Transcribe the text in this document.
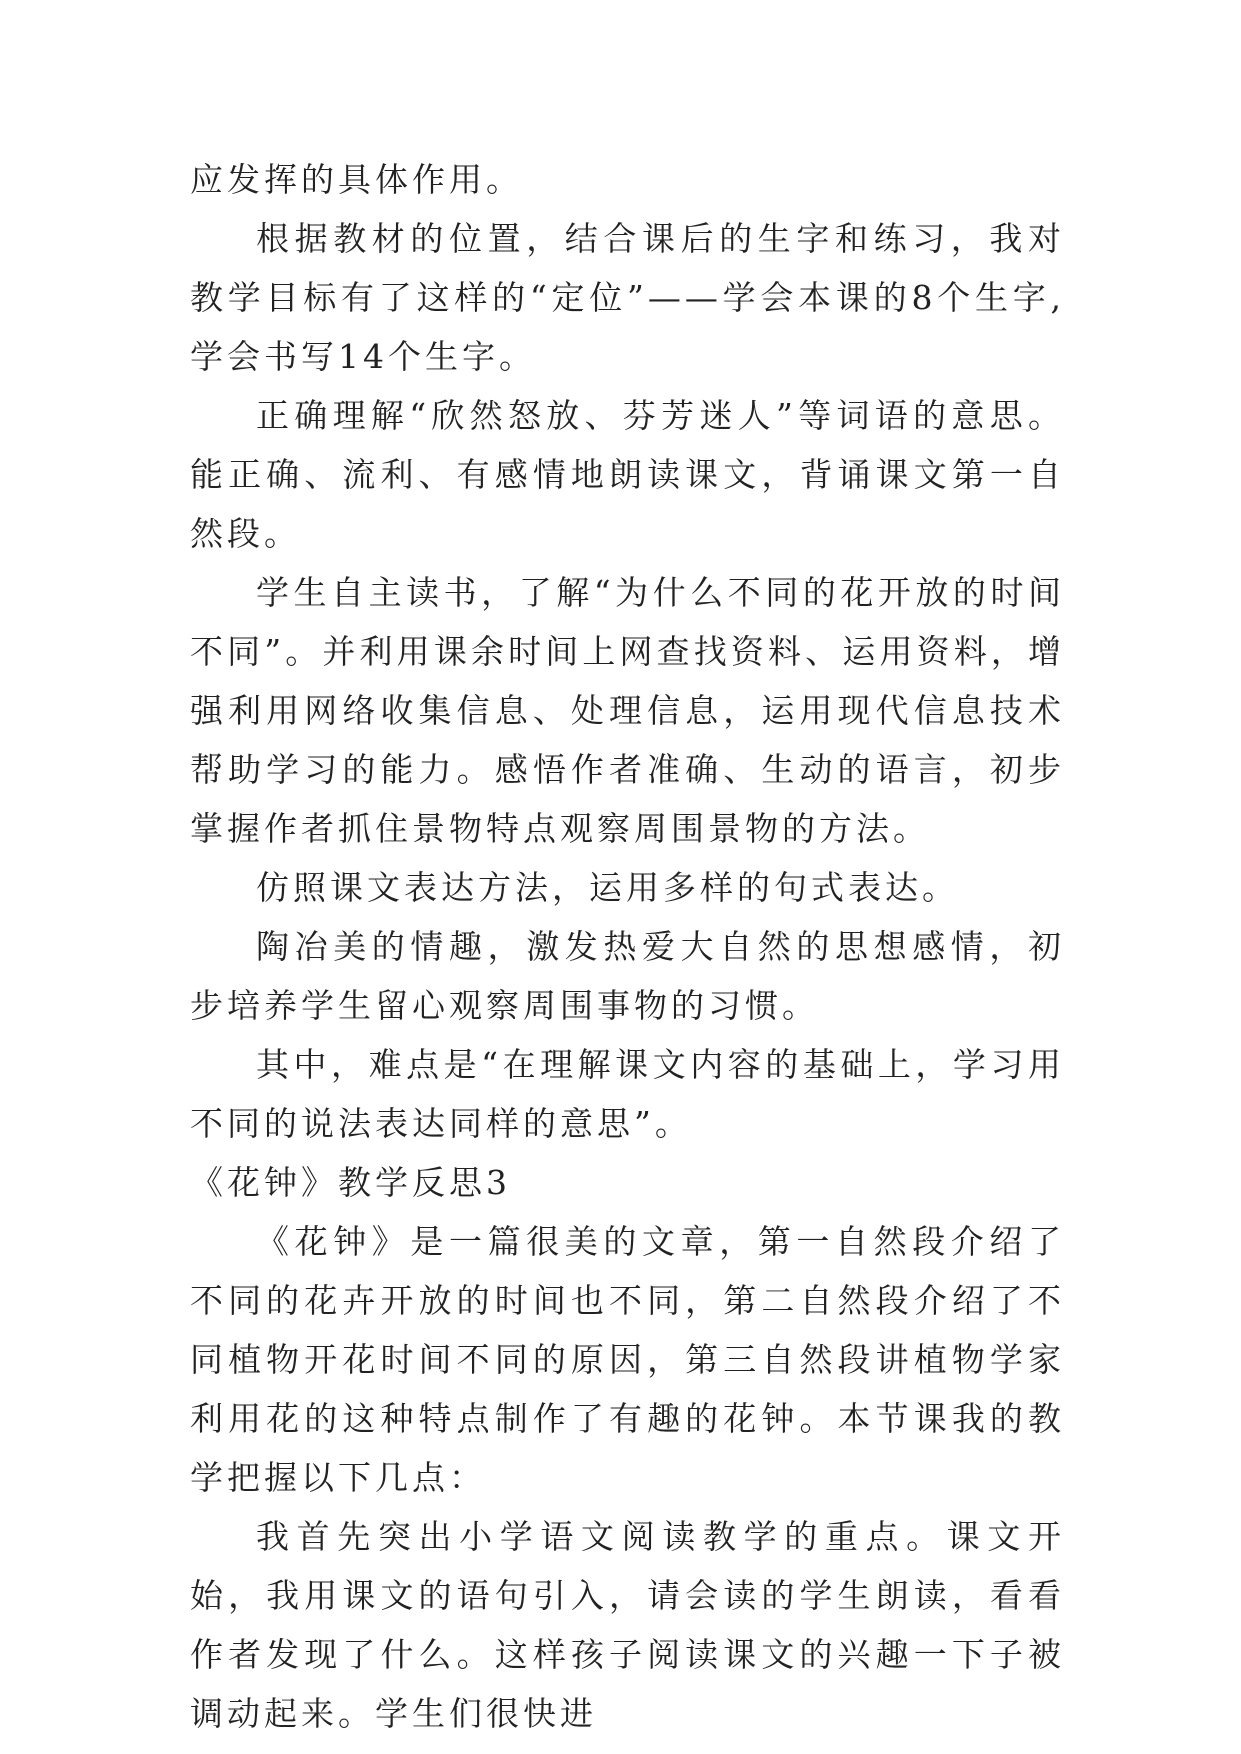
应发挥的具体作用。

根据教材的位置，结合课后的生字和练习，我对教学目标有了这样的“定位”——学会本课的8个生字,学会书写14个生字。

正确理解“欣然怒放、芬芳迷人”等词语的意思。能正确、流利、有感情地朗读课文，背诵课文第一自然段。

学生自主读书，了解“为什么不同的花开放的时间不同”。并利用课余时间上网查找资料、运用资料，增强利用网络收集信息、处理信息，运用现代信息技术帮助学习的能力。感悟作者准确、生动的语言，初步掌握作者抓住景物特点观察周围景物的方法。

仿照课文表达方法，运用多样的句式表达。

陶冶美的情趣，激发热爱大自然的思想感情，初步培养学生留心观察周围事物的习惯。

其中，难点是“在理解课文内容的基础上，学习用不同的说法表达同样的意思”。

《花钟》教学反思3

《花钟》是一篇很美的文章，第一自然段介绍了不同的花卉开放的时间也不同，第二自然段介绍了不同植物开花时间不同的原因，第三自然段讲植物学家利用花的这种特点制作了有趣的花钟。本节课我的教学把握以下几点：

我首先突出小学语文阅读教学的重点。课文开始，我用课文的语句引入，请会读的学生朗读，看看作者发现了什么。这样孩子阅读课文的兴趣一下子被调动起来。学生们很快进
